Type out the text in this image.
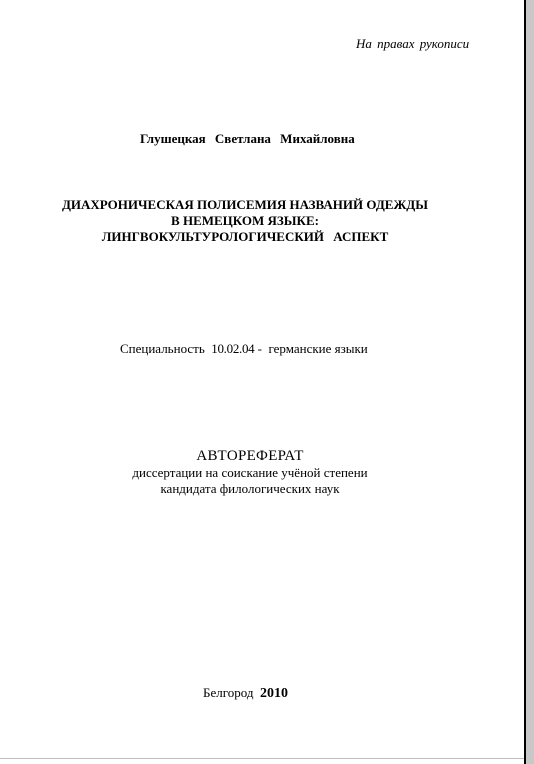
На правах рукописи
Глушецкая Светлана Михайловна
ДИАХРОНИЧЕСКАЯ ПОЛИСЕМИЯ НАЗВАНИЙ ОДЕЖДЫ
В НЕМЕЦКОМ ЯЗЫКЕ:
ЛИНГВОКУЛЬТУРОЛОГИЧЕСКИЙ АСПЕКТ
Специальность 10.02.04 - германские языки
АВТОРЕФЕРАТ
диссертации на соискание учёной степени
кандидата филологических наук
Белгород 2010
